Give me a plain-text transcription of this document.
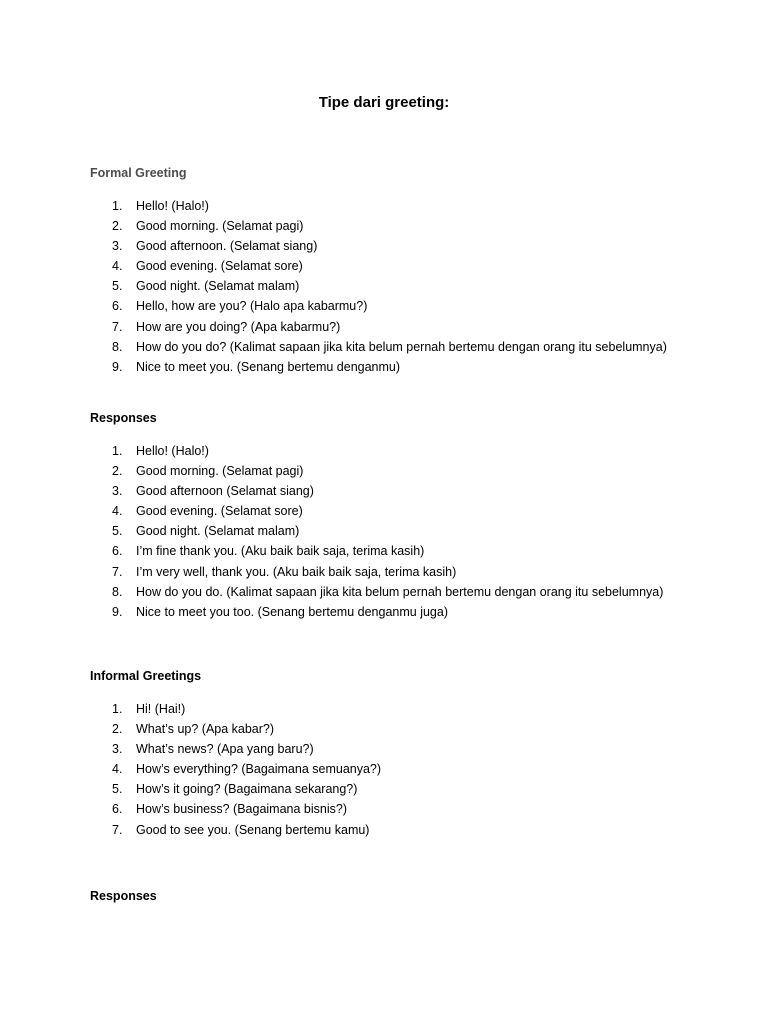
Tipe dari greeting:
Formal Greeting
1. Hello! (Halo!)
2. Good morning. (Selamat pagi)
3. Good afternoon. (Selamat siang)
4. Good evening. (Selamat sore)
5. Good night. (Selamat malam)
6. Hello, how are you? (Halo apa kabarmu?)
7. How are you doing? (Apa kabarmu?)
8. How do you do? (Kalimat sapaan jika kita belum pernah bertemu dengan orang itu sebelumnya)
9. Nice to meet you. (Senang bertemu denganmu)
Responses
1. Hello! (Halo!)
2. Good morning. (Selamat pagi)
3. Good afternoon (Selamat siang)
4. Good evening. (Selamat sore)
5. Good night. (Selamat malam)
6. I’m fine thank you. (Aku baik baik saja, terima kasih)
7. I’m very well, thank you. (Aku baik baik saja, terima kasih)
8. How do you do. (Kalimat sapaan jika kita belum pernah bertemu dengan orang itu sebelumnya)
9. Nice to meet you too. (Senang bertemu denganmu juga)
Informal Greetings
1. Hi! (Hai!)
2. What’s up? (Apa kabar?)
3. What’s news? (Apa yang baru?)
4. How’s everything? (Bagaimana semuanya?)
5. How’s it going? (Bagaimana sekarang?)
6. How’s business? (Bagaimana bisnis?)
7. Good to see you. (Senang bertemu kamu)
Responses
